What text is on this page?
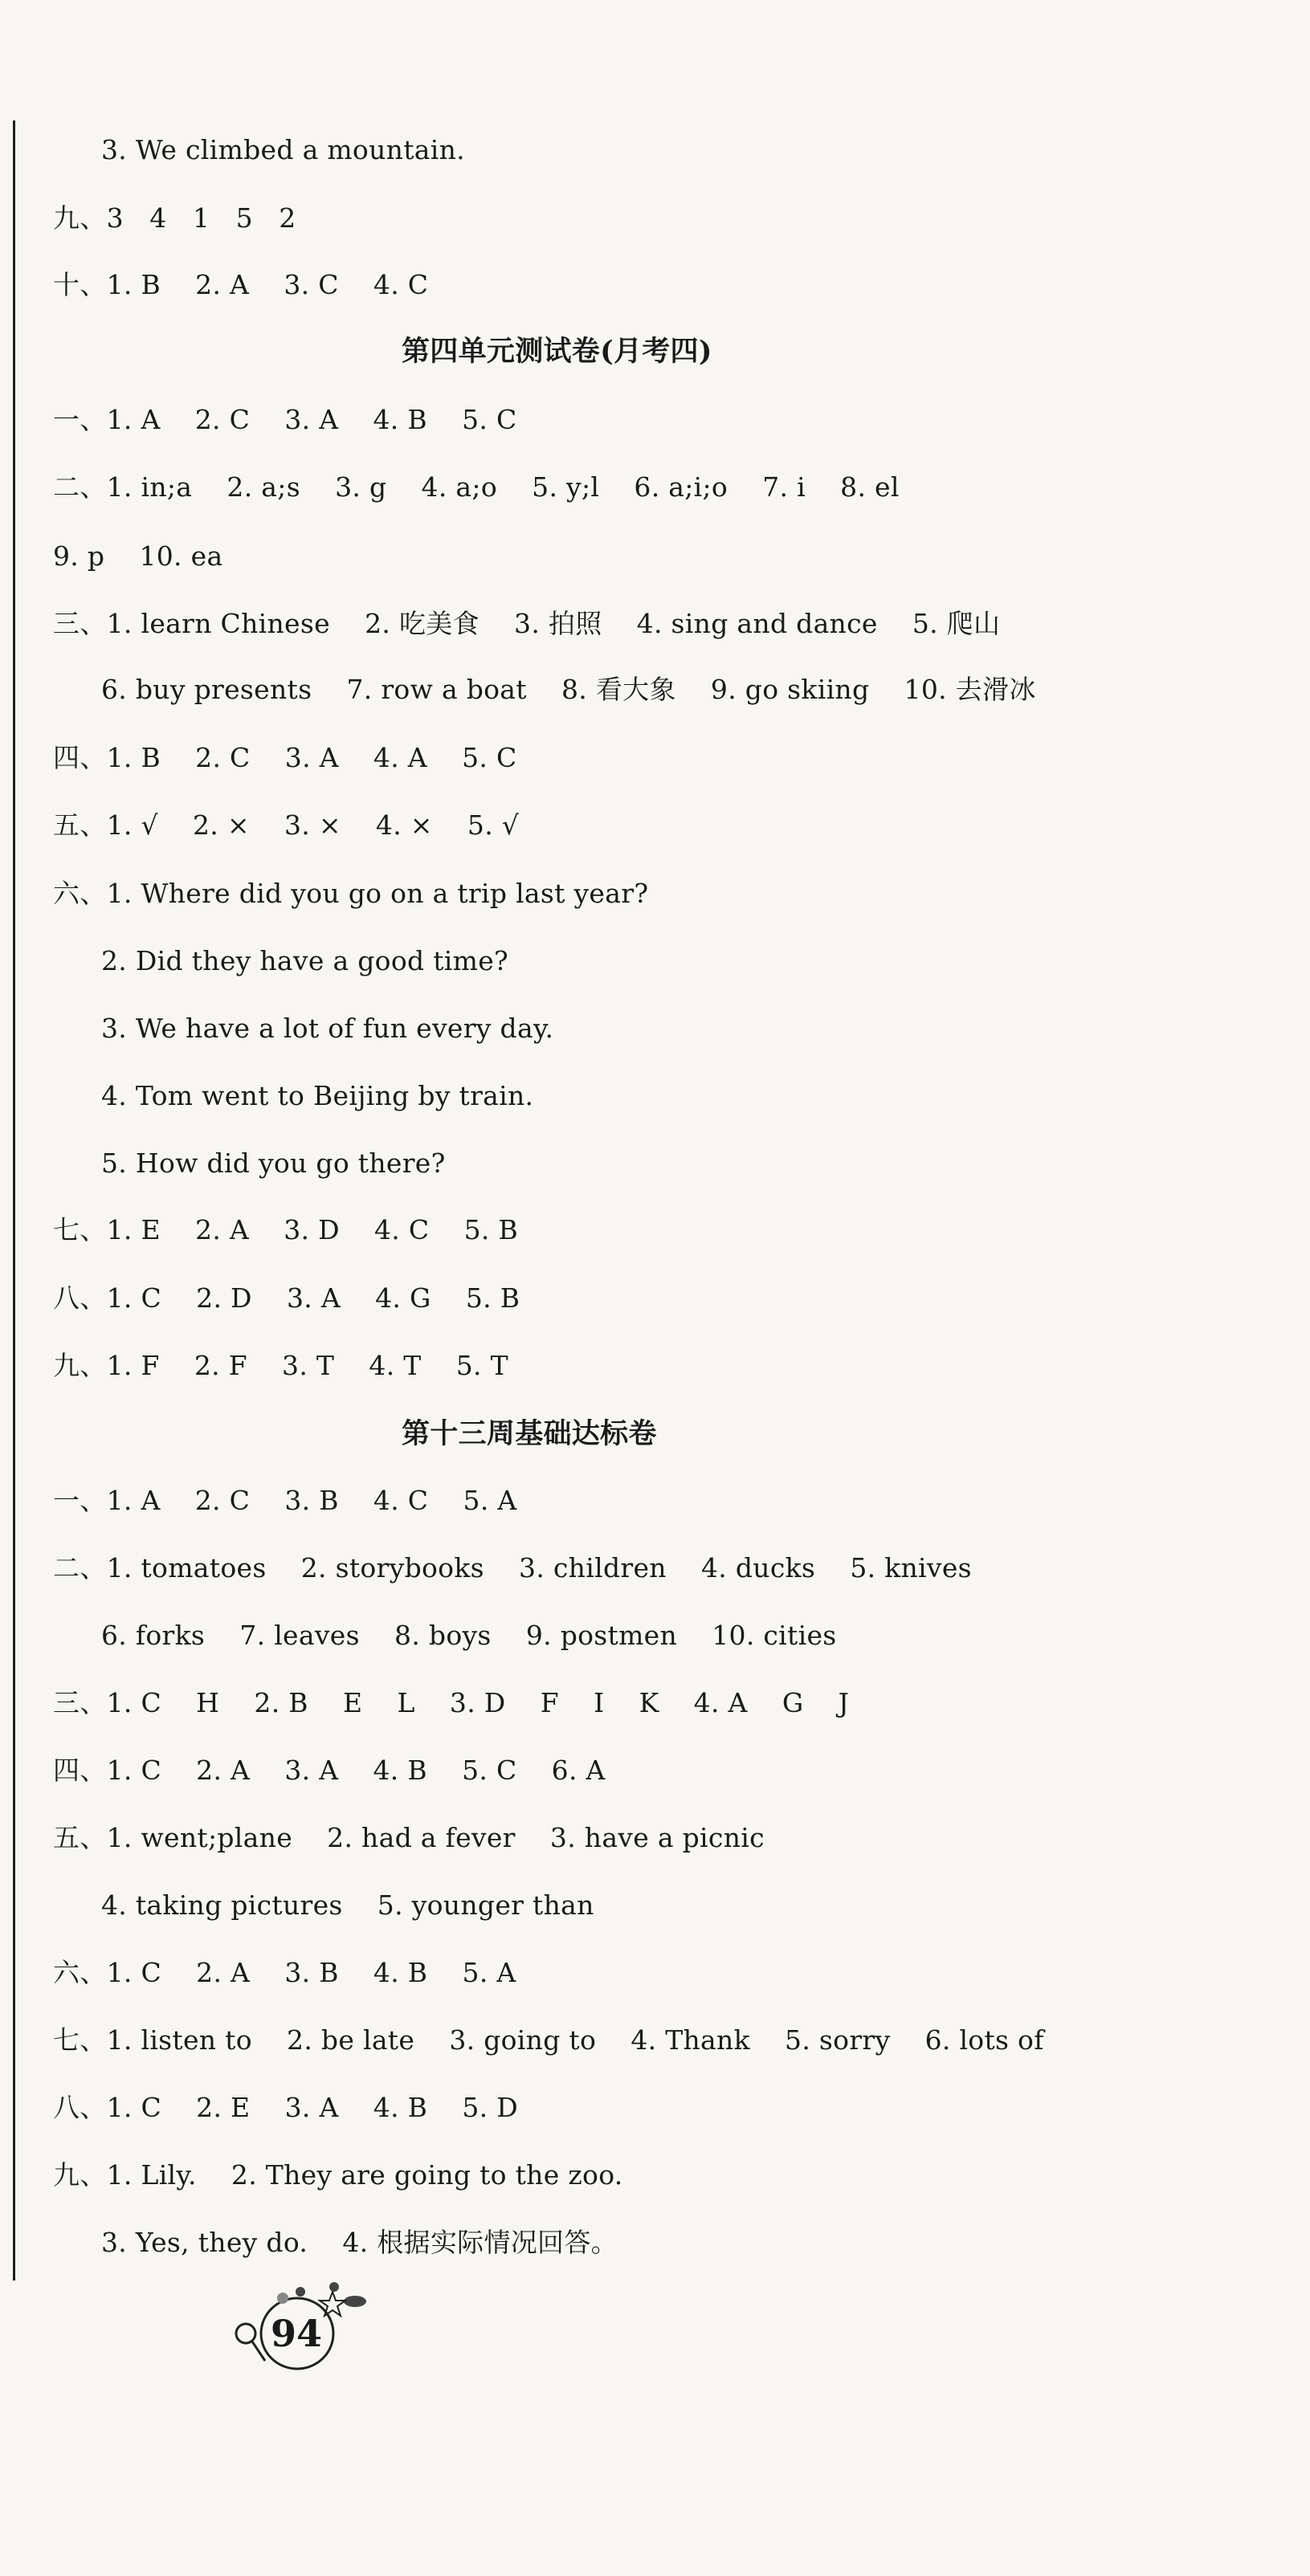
3. We climbed a mountain.
九、3   4   1   5   2
十、1. B    2. A    3. C    4. C
第四单元测试卷(月考四)
一、1. A    2. C    3. A    4. B    5. C
二、1. in;a    2. a;s    3. g    4. a;o    5. y;l    6. a;i;o    7. i    8. el
9. p    10. ea
三、1. learn Chinese    2. 吃美食    3. 拍照    4. sing and dance    5. 爬山
6. buy presents    7. row a boat    8. 看大象    9. go skiing    10. 去滑冰
四、1. B    2. C    3. A    4. A    5. C
五、1. √    2. ×    3. ×    4. ×    5. √
六、1. Where did you go on a trip last year?
2. Did they have a good time?
3. We have a lot of fun every day.
4. Tom went to Beijing by train.
5. How did you go there?
七、1. E    2. A    3. D    4. C    5. B
八、1. C    2. D    3. A    4. G    5. B
九、1. F    2. F    3. T    4. T    5. T
第十三周基础达标卷
一、1. A    2. C    3. B    4. C    5. A
二、1. tomatoes    2. storybooks    3. children    4. ducks    5. knives
6. forks    7. leaves    8. boys    9. postmen    10. cities
三、1. C    H    2. B    E    L    3. D    F    I    K    4. A    G    J
四、1. C    2. A    3. A    4. B    5. C    6. A
五、1. went;plane    2. had a fever    3. have a picnic
4. taking pictures    5. younger than
六、1. C    2. A    3. B    4. B    5. A
七、1. listen to    2. be late    3. going to    4. Thank    5. sorry    6. lots of
八、1. C    2. E    3. A    4. B    5. D
九、1. Lily.    2. They are going to the zoo.
3. Yes, they do.    4. 根据实际情况回答。
94
